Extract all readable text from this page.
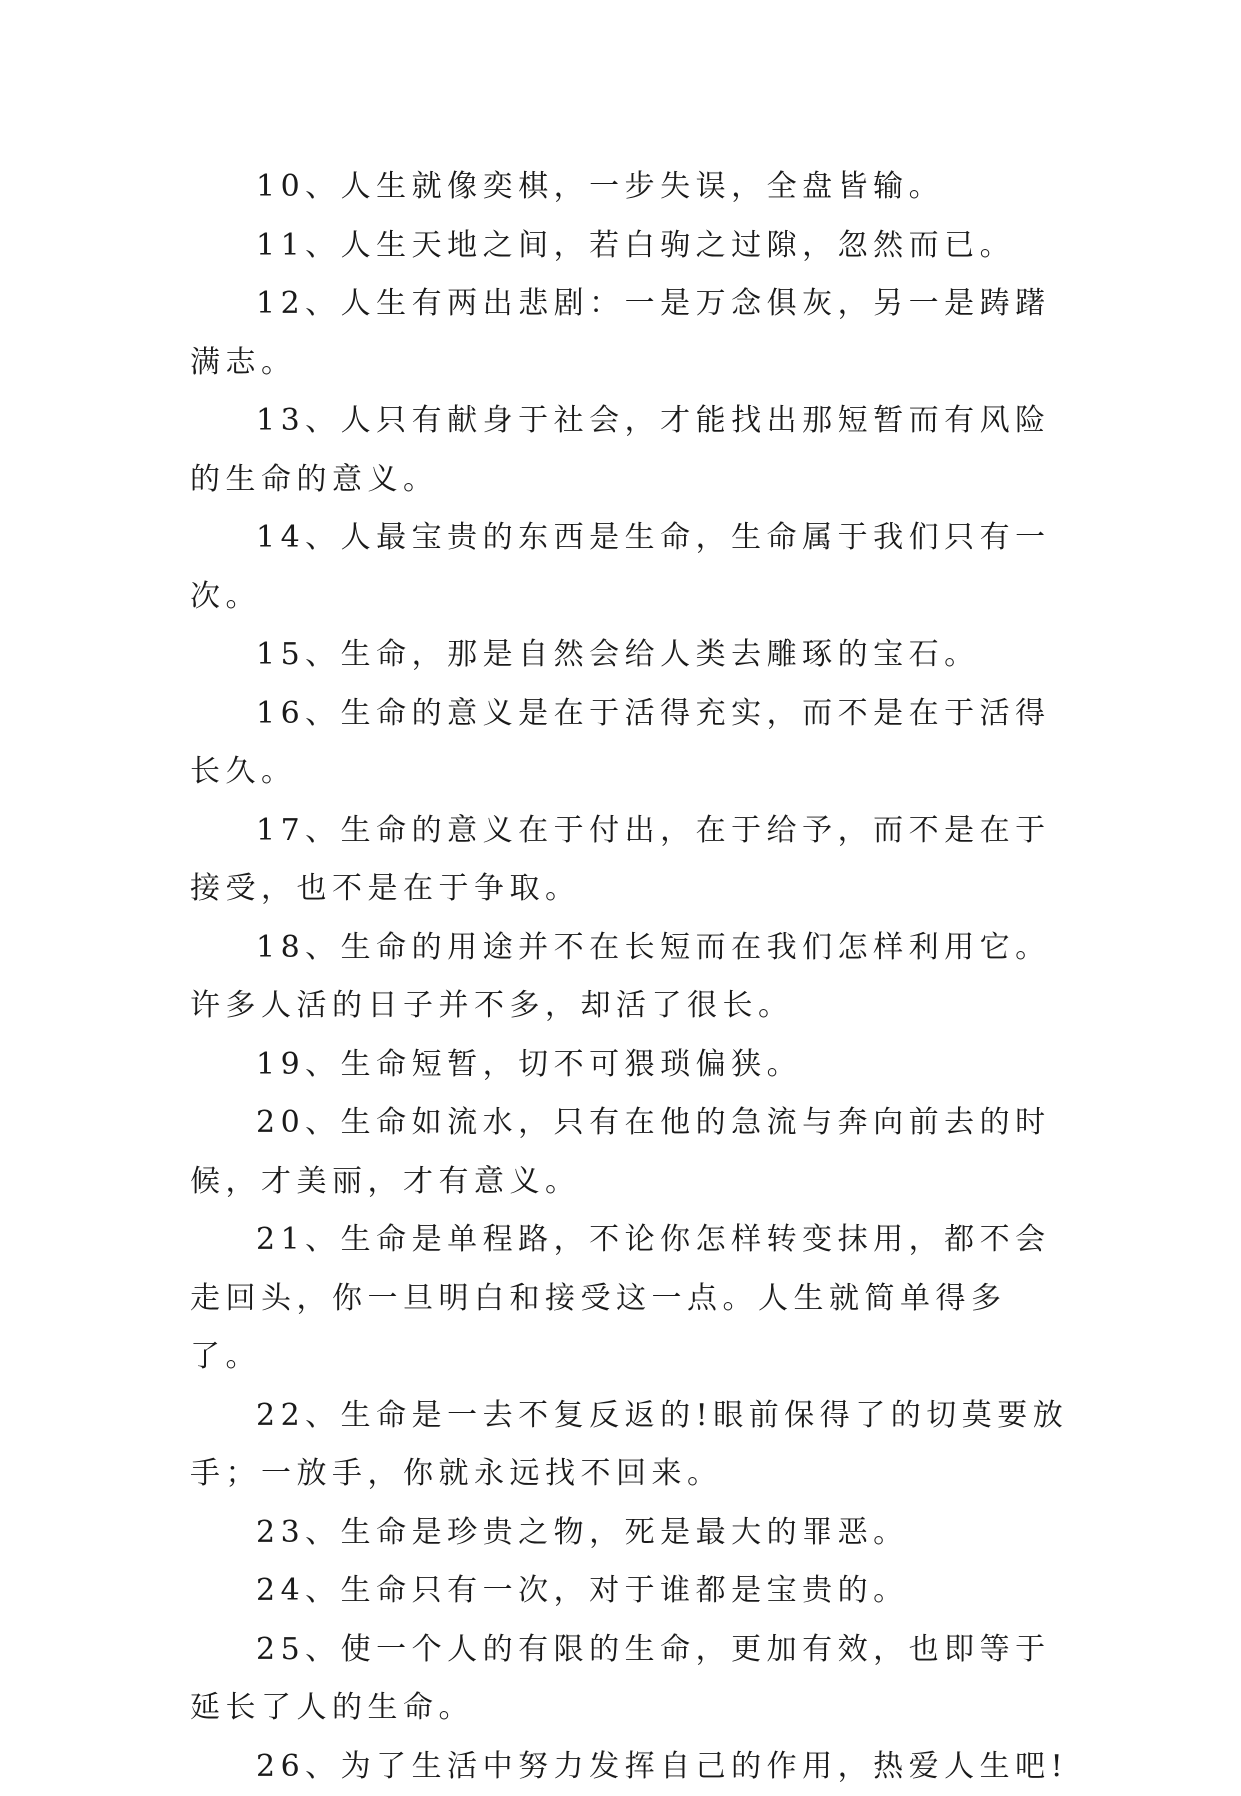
10、人生就像奕棋，一步失误，全盘皆输。

11、人生天地之间，若白驹之过隙，忽然而已。

12、人生有两出悲剧：一是万念俱灰，另一是踌躇满志。

13、人只有献身于社会，才能找出那短暂而有风险的生命的意义。

14、人最宝贵的东西是生命，生命属于我们只有一次。

15、生命，那是自然会给人类去雕琢的宝石。

16、生命的意义是在于活得充实，而不是在于活得长久。

17、生命的意义在于付出，在于给予，而不是在于接受，也不是在于争取。

18、生命的用途并不在长短而在我们怎样利用它。许多人活的日子并不多，却活了很长。

19、生命短暂，切不可猥琐偏狭。

20、生命如流水，只有在他的急流与奔向前去的时候，才美丽，才有意义。

21、生命是单程路，不论你怎样转变抹用，都不会走回头，你一旦明白和接受这一点。人生就简单得多了。

22、生命是一去不复反返的!眼前保得了的切莫要放手；一放手，你就永远找不回来。

23、生命是珍贵之物，死是最大的罪恶。

24、生命只有一次，对于谁都是宝贵的。

25、使一个人的有限的生命，更加有效，也即等于延长了人的生命。

26、为了生活中努力发挥自己的作用，热爱人生吧!
